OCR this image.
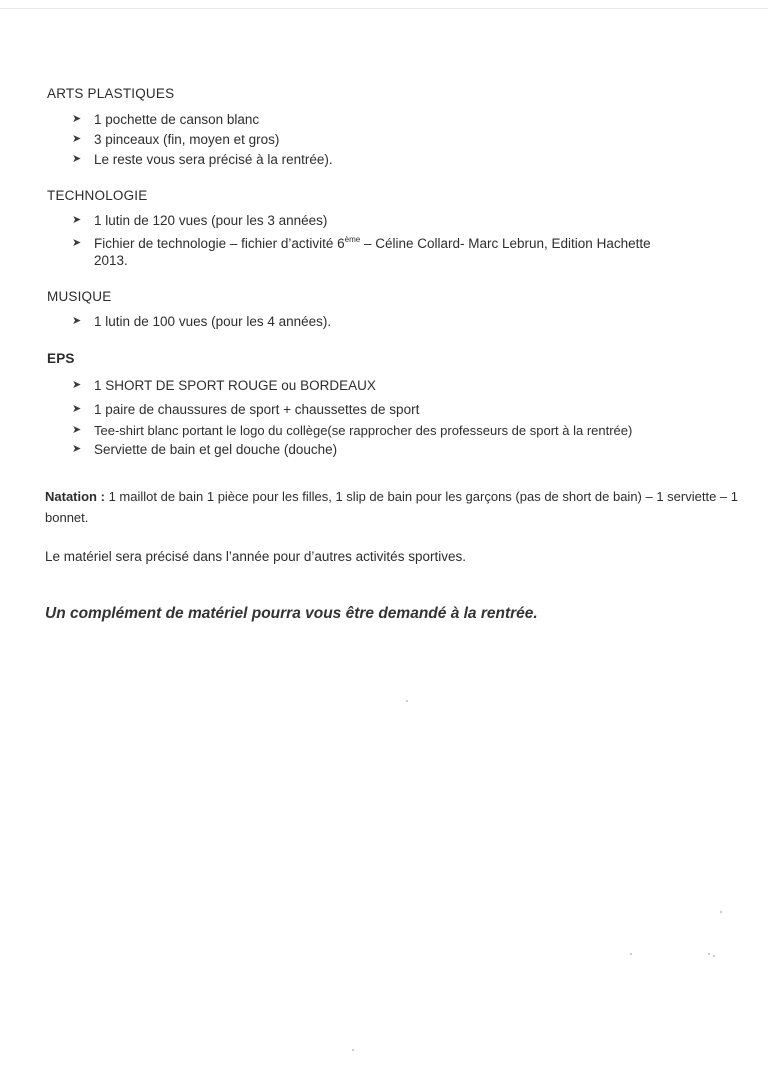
ARTS PLASTIQUES
➤ 1 pochette de canson blanc
➤ 3 pinceaux (fin, moyen et gros)
➤ Le reste vous sera précisé à la rentrée).
TECHNOLOGIE
➤ 1 lutin de 120 vues (pour les 3 années)
➤ Fichier de technologie – fichier d’activité 6ème – Céline Collard- Marc Lebrun, Edition Hachette
2013.
MUSIQUE
➤ 1 lutin de 100 vues (pour les 4 années).
EPS
➤ 1 SHORT DE SPORT ROUGE ou BORDEAUX
➤ 1 paire de chaussures de sport + chaussettes de sport
➤ Tee-shirt blanc portant le logo du collège(se rapprocher des professeurs de sport à la rentrée)
➤ Serviette de bain et gel douche (douche)
Natation : 1 maillot de bain 1 pièce pour les filles, 1 slip de bain pour les garçons (pas de short de bain) – 1 serviette – 1 bonnet.
Le matériel sera précisé dans l’année pour d’autres activités sportives.
Un complément de matériel pourra vous être demandé à la rentrée.
